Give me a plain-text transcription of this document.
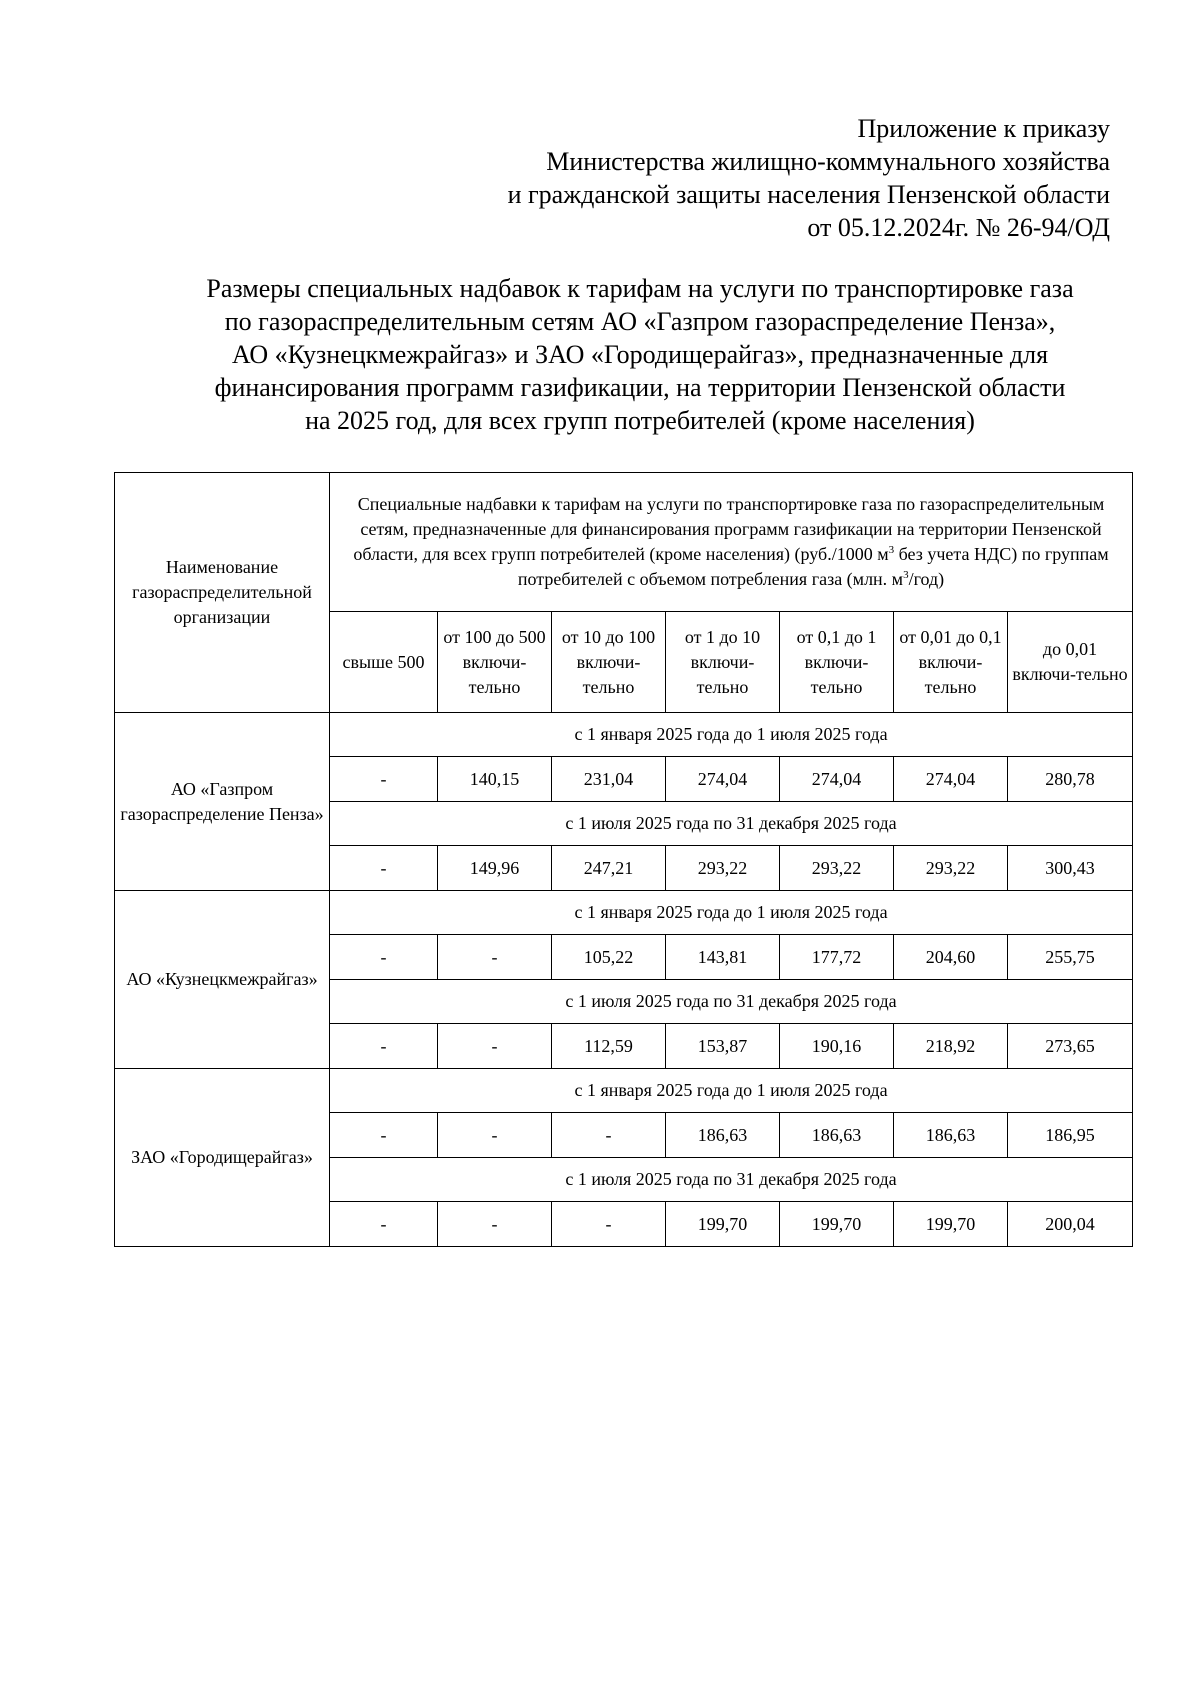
Приложение к приказу
Министерства жилищно-коммунального хозяйства
и гражданской защиты населения Пензенской области
от 05.12.2024г. № 26-94/ОД
Размеры специальных надбавок к тарифам на услуги по транспортировке газа
по газораспределительным сетям АО «Газпром газораспределение Пенза»,
АО «Кузнецкмежрайгаз» и ЗАО «Городищерайгаз», предназначенные для
финансирования программ газификации, на территории Пензенской области
на 2025 год, для всех групп потребителей (кроме населения)
Наименование газораспределительной организации	Специальные надбавки к тарифам на услуги по транспортировке газа по газораспределительным сетям, предназначенные для финансирования программ газификации на территории Пензенской области, для всех групп потребителей (кроме населения) (руб./1000 $м^3$ без учета НДС) по группам потребителей с объемом потребления газа (млн. $м^3/год$)						
	свыше 500	от 100 до 500 включи-тельно	от 10 до 100 включи-тельно	от 1 до 10 включи-тельно	от 0,1 до 1 включи-тельно	от 0,01 до 0,1 включи-тельно	до 0,01 включи-тельно
АО «Газпром газораспределение Пенза»	с 1 января 2025 года до 1 июля 2025 года						
	-	140,15	231,04	274,04	274,04	274,04	280,78
	с 1 июля 2025 года по 31 декабря 2025 года						
	-	149,96	247,21	293,22	293,22	293,22	300,43
АО «Кузнецкмежрайгаз»	с 1 января 2025 года до 1 июля 2025 года						
	-	-	105,22	143,81	177,72	204,60	255,75
	с 1 июля 2025 года по 31 декабря 2025 года						
	-	-	112,59	153,87	190,16	218,92	273,65
ЗАО «Городищерайгаз»	с 1 января 2025 года до 1 июля 2025 года						
	-	-	-	186,63	186,63	186,63	186,95
	с 1 июля 2025 года по 31 декабря 2025 года						
	-	-	-	199,70	199,70	199,70	200,04
